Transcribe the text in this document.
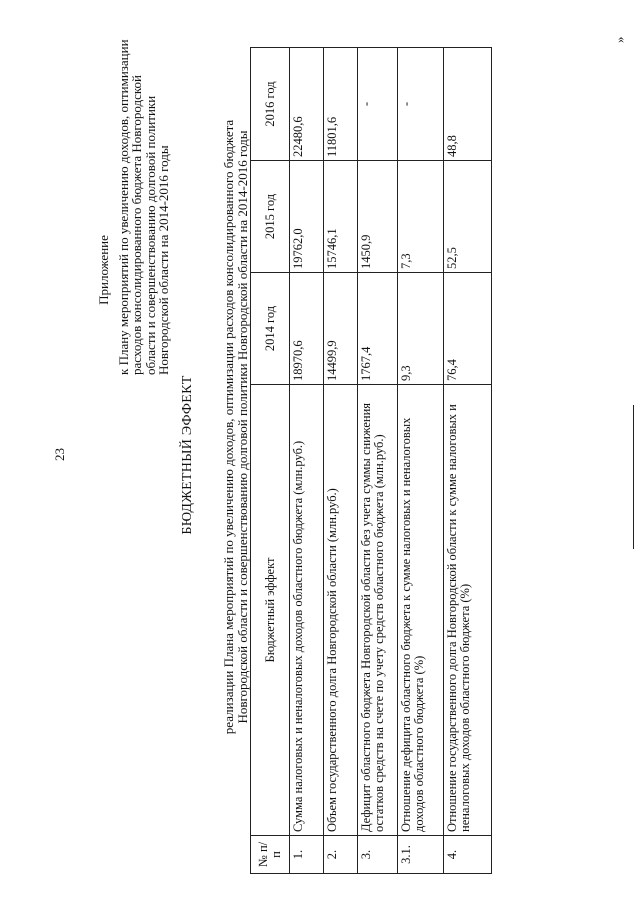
23
Приложение к Плану мероприятий по увеличению доходов, оптимизации
расходов консолидированного бюджета Новгородской
области и совершенствованию долговой политики
Новгородской области на 2014-2016 годы
БЮДЖЕТНЫЙ ЭФФЕКТ реализации Плана мероприятий по увеличению доходов, оптимизации расходов консолидированного бюджета
Новгородской области и совершенствованию долговой политики Новгородской области на 2014-2016 годы
№ п/п	Бюджетный эффект	2014 год	2015 год	2016 год
1.	Сумма налоговых и неналоговых доходов областного бюджета (млн.руб.)	18970,6	19762,0	22480,6
2.	Объем государственного долга Новгородской области (млн.руб.)	14499,9	15746,1	11801,6
3.	Дефицит областного бюджета Новгородской области без учета суммы снижения остатков средств на счете по учету средств областного бюджета (млн.руб.)	1767,4	1450,9	-
3.1.	Отношение дефицита областного бюджета к сумме налоговых и неналоговых доходов областного бюджета (%)	9,3	7,3	-
4.	Отношение государственного долга Новгородской области к сумме налоговых и неналоговых доходов областного бюджета (%)	76,4	52,5	48,8
»
